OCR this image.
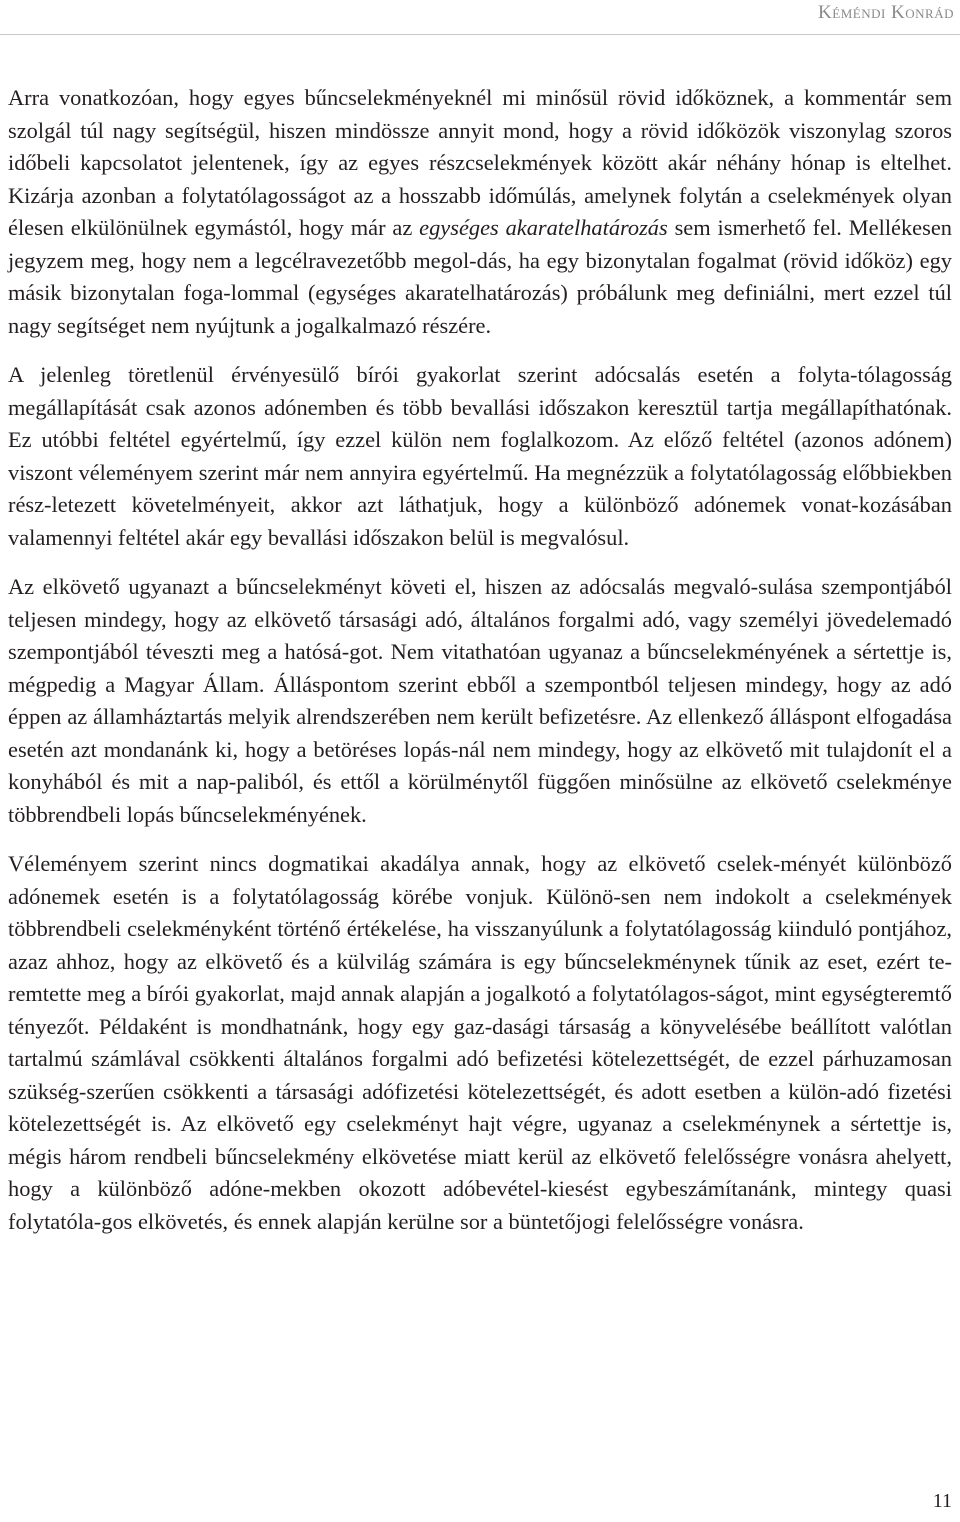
Kéméndi Konrád

Arra vonatkozóan, hogy egyes bűncselekményeknél mi minősül rövid időköznek, a kommentár sem szolgál túl nagy segítségül, hiszen mindössze annyit mond, hogy a rövid időközök viszonylag szoros időbeli kapcsolatot jelentenek, így az egyes részcselekmények között akár néhány hónap is eltelhet. Kizárja azonban a folytatólagosságot az a hosszabb időmúlás, amelynek folytán a cselekmények olyan élesen elkülönülnek egymástól, hogy már az egységes akaratelhatározás sem ismerhető fel. Mellékesen jegyzem meg, hogy nem a legcélravezetőbb megol-dás, ha egy bizonytalan fogalmat (rövid időköz) egy másik bizonytalan foga-lommal (egységes akaratelhatározás) próbálunk meg definiálni, mert ezzel túl nagy segítséget nem nyújtunk a jogalkalmazó részére.

A jelenleg töretlenül érvényesülő bírói gyakorlat szerint adócsalás esetén a folyta-tólagosság megállapítását csak azonos adónemben és több bevallási időszakon keresztül tartja megállapíthatónak. Ez utóbbi feltétel egyértelmű, így ezzel külön nem foglalkozom. Az előző feltétel (azonos adónem) viszont véleményem szerint már nem annyira egyértelmű. Ha megnézzük a folytatólagosság előbbiekben rész-letezett követelményeit, akkor azt láthatjuk, hogy a különböző adónemek vonat-kozásában valamennyi feltétel akár egy bevallási időszakon belül is megvalósul.

Az elkövető ugyanazt a bűncselekményt követi el, hiszen az adócsalás megvaló-sulása szempontjából teljesen mindegy, hogy az elkövető társasági adó, általános forgalmi adó, vagy személyi jövedelemadó szempontjából téveszti meg a hatósá-got. Nem vitathatóan ugyanaz a bűncselekményének a sértettje is, mégpedig a Magyar Állam. Álláspontom szerint ebből a szempontból teljesen mindegy, hogy az adó éppen az államháztartás melyik alrendszerében nem került befizetésre. Az ellenkező álláspont elfogadása esetén azt mondanánk ki, hogy a betöréses lopás-nál nem mindegy, hogy az elkövető mit tulajdonít el a konyhából és mit a nap-paliból, és ettől a körülménytől függően minősülne az elkövető cselekménye többrendbeli lopás bűncselekményének.

Véleményem szerint nincs dogmatikai akadálya annak, hogy az elkövető cselek-ményét különböző adónemek esetén is a folytatólagosság körébe vonjuk. Különö-sen nem indokolt a cselekmények többrendbeli cselekményként történő értékelése, ha visszanyúlunk a folytatólagosság kiinduló pontjához, azaz ahhoz, hogy az elkövető és a külvilág számára is egy bűncselekménynek tűnik az eset, ezért te-remtette meg a bírói gyakorlat, majd annak alapján a jogalkotó a folytatólagos-ságot, mint egységteremtő tényezőt. Példaként is mondhatnánk, hogy egy gaz-dasági társaság a könyvelésébe beállított valótlan tartalmú számlával csökkenti általános forgalmi adó befizetési kötelezettségét, de ezzel párhuzamosan szükség-szerűen csökkenti a társasági adófizetési kötelezettségét, és adott esetben a külön-adó fizetési kötelezettségét is. Az elkövető egy cselekményt hajt végre, ugyanaz a cselekménynek a sértettje is, mégis három rendbeli bűncselekmény elkövetése miatt kerül az elkövető felelősségre vonásra ahelyett, hogy a különböző adóne-mekben okozott adóbevétel-kiesést egybeszámítanánk, mintegy quasi folytatóla-gos elkövetés, és ennek alapján kerülne sor a büntetőjogi felelősségre vonásra.

11
